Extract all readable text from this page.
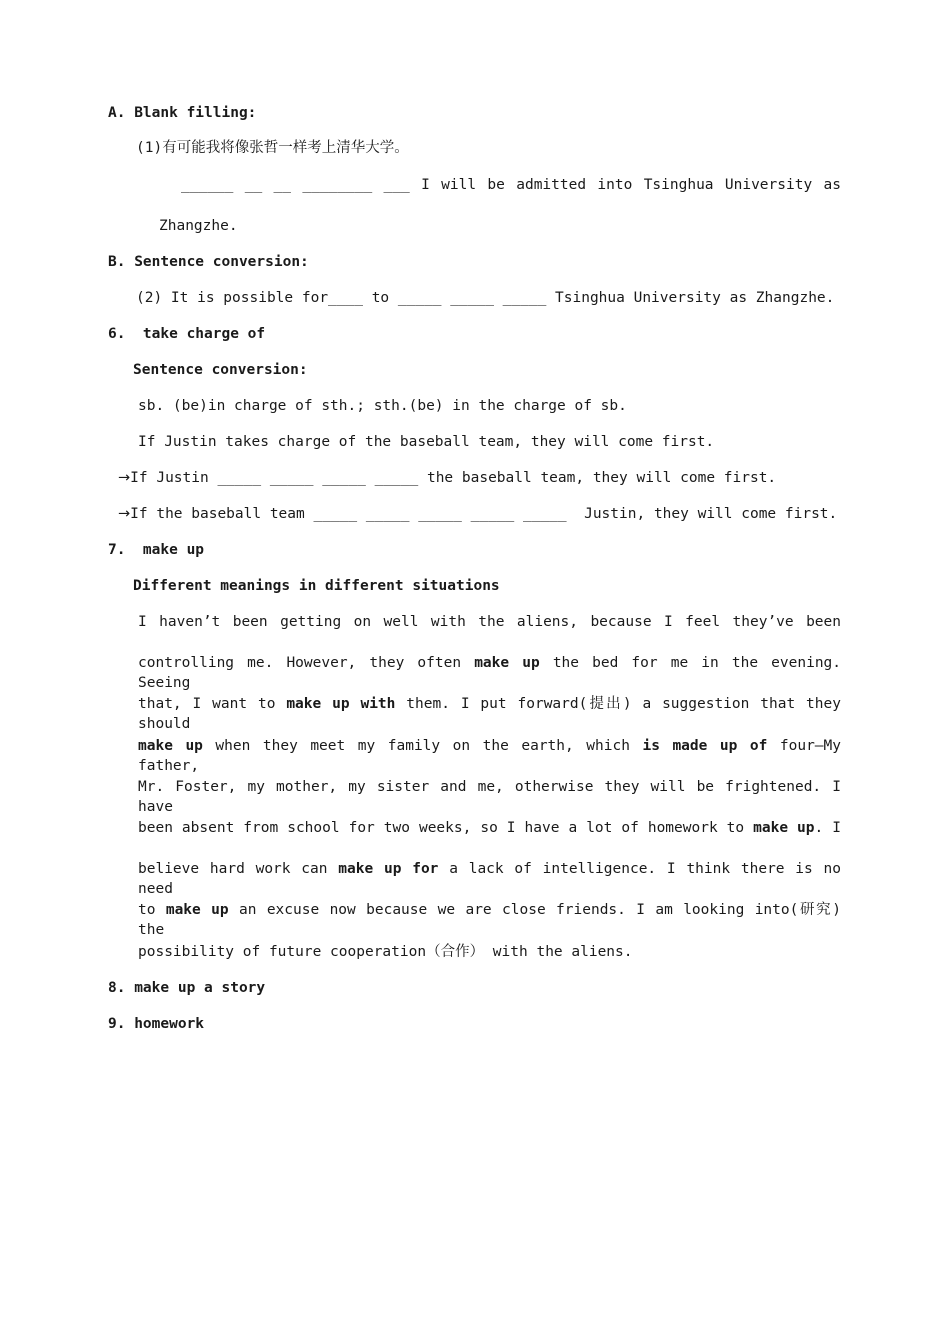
A. Blank filling:
(1)有可能我将像张哲一样考上清华大学。
______ __ __ ________ ___ I will be admitted into Tsinghua University as
Zhangzhe.
B. Sentence conversion:
(2) It is possible for____ to _____ _____ _____ Tsinghua University as Zhangzhe.
6.  take charge of
Sentence conversion:
sb. (be)in charge of sth.; sth.(be) in the charge of sb.
If Justin takes charge of the baseball team, they will come first.
→If Justin _____ _____ _____ _____ the baseball team, they will come first.
→If the baseball team _____ _____ _____ _____ _____  Justin, they will come first.
7.  make up
Different meanings in different situations
I haven’t been getting on well with the aliens, because I feel they’ve been
controlling me. However, they often make up the bed for me in the evening. Seeing
that, I want to make up with them. I put forward(提出) a suggestion that they should
make up when they meet my family on the earth, which is made up of four—My father,
Mr. Foster, my mother, my sister and me, otherwise they will be frightened. I have
been absent from school for two weeks, so I have a lot of homework to make up. I
believe hard work can make up for a lack of intelligence. I think there is no need
to make up an excuse now because we are close friends. I am looking into(研究) the
possibility of future cooperation（合作） with the aliens.
8. make up a story
9. homework
